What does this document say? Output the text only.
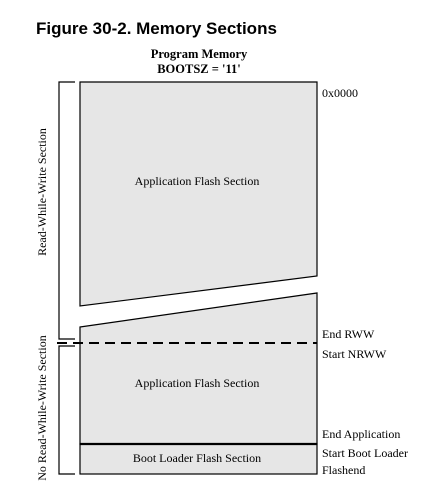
Figure 30-2. Memory Sections
Program Memory
BOOTSZ = '11'
Application Flash Section
Application Flash Section
Boot Loader Flash Section
0x0000
End RWW
Start NRWW
End Application
Start Boot Loader
Flashend
Read-While-Write Section
No Read-While-Write Section
